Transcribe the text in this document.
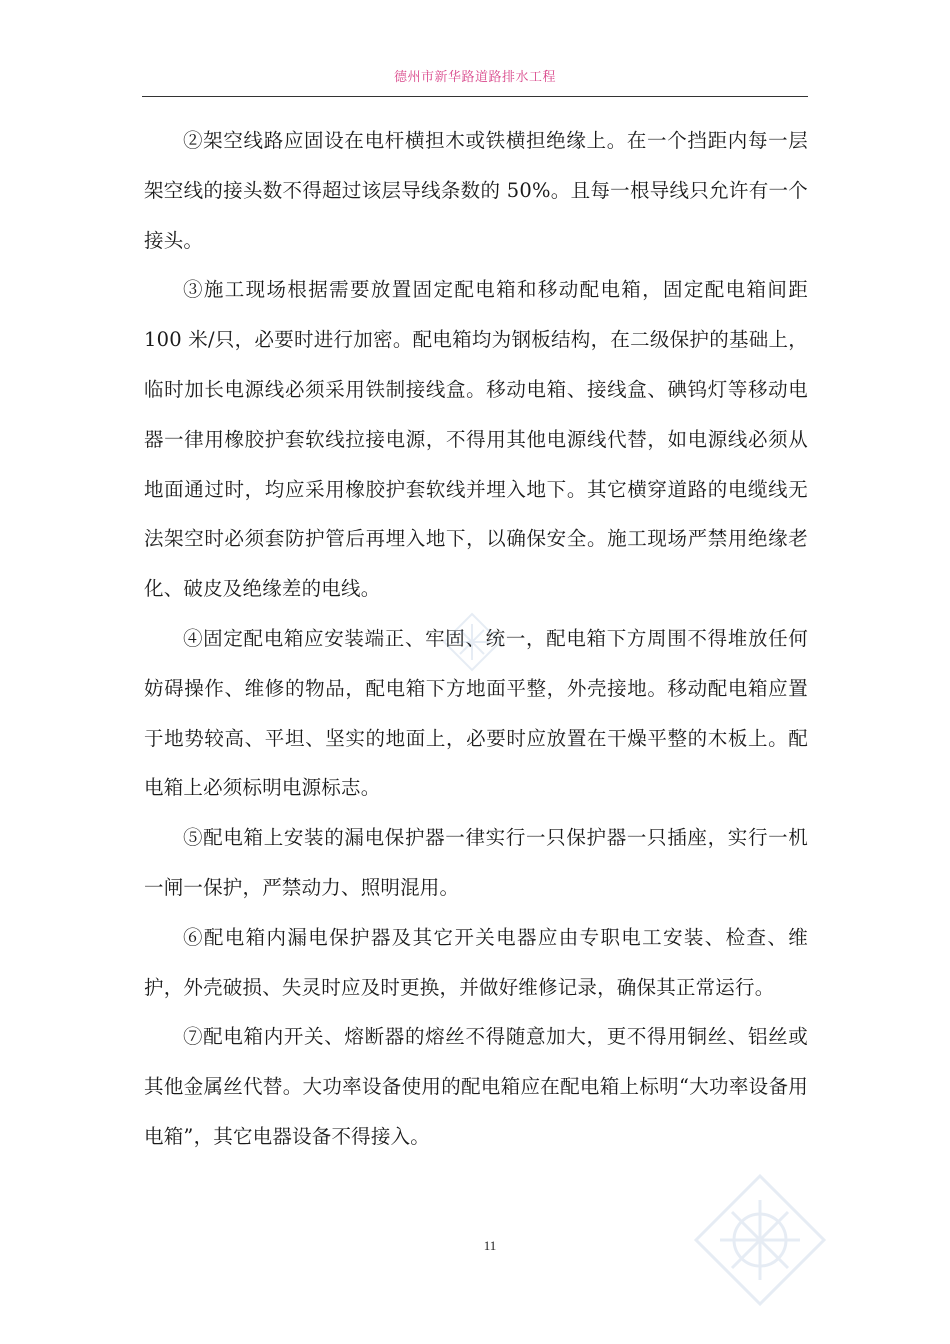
德州市新华路道路排水工程

②架空线路应固设在电杆横担木或铁横担绝缘上。在一个挡距内每一层架空线的接头数不得超过该层导线条数的 50%。且每一根导线只允许有一个接头。

③施工现场根据需要放置固定配电箱和移动配电箱，固定配电箱间距 100 米/只，必要时进行加密。配电箱均为钢板结构，在二级保护的基础上，临时加长电源线必须采用铁制接线盒。移动电箱、接线盒、碘钨灯等移动电器一律用橡胶护套软线拉接电源，不得用其他电源线代替，如电源线必须从地面通过时，均应采用橡胶护套软线并埋入地下。其它横穿道路的电缆线无法架空时必须套防护管后再埋入地下，以确保安全。施工现场严禁用绝缘老化、破皮及绝缘差的电线。

④固定配电箱应安装端正、牢固、统一，配电箱下方周围不得堆放任何妨碍操作、维修的物品，配电箱下方地面平整，外壳接地。移动配电箱应置于地势较高、平坦、坚实的地面上，必要时应放置在干燥平整的木板上。配电箱上必须标明电源标志。

⑤配电箱上安装的漏电保护器一律实行一只保护器一只插座，实行一机一闸一保护，严禁动力、照明混用。

⑥配电箱内漏电保护器及其它开关电器应由专职电工安装、检查、维护，外壳破损、失灵时应及时更换，并做好维修记录，确保其正常运行。

⑦配电箱内开关、熔断器的熔丝不得随意加大，更不得用铜丝、铝丝或其他金属丝代替。大功率设备使用的配电箱应在配电箱上标明“大功率设备用电箱”，其它电器设备不得接入。

11
